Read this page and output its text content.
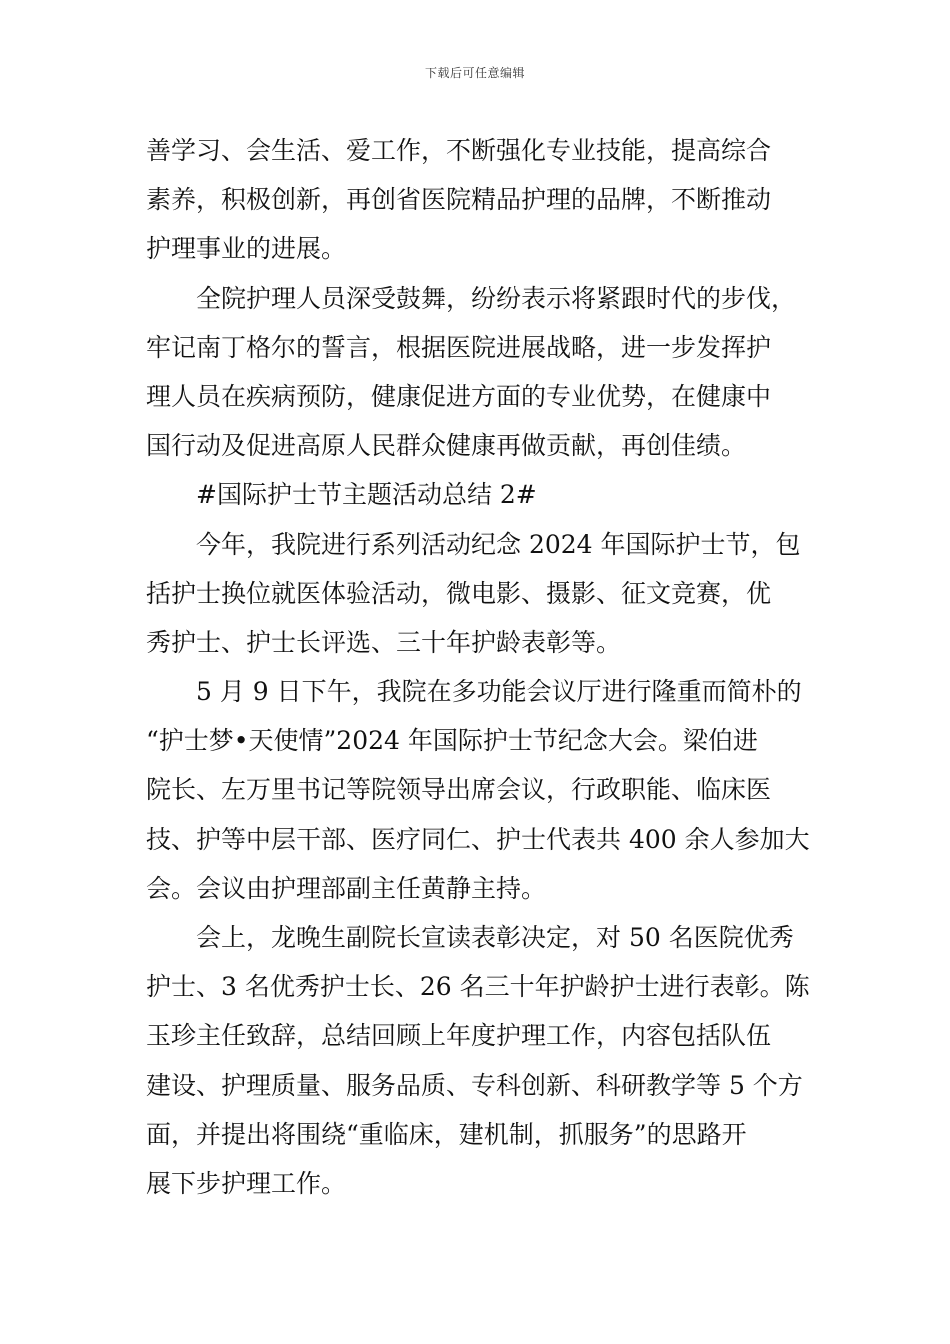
下载后可任意编辑
善学习、会生活、爱工作，不断强化专业技能，提高综合
素养，积极创新，再创省医院精品护理的品牌，不断推动
护理事业的进展。
全院护理人员深受鼓舞，纷纷表示将紧跟时代的步伐，
牢记南丁格尔的誓言，根据医院进展战略，进一步发挥护
理人员在疾病预防，健康促进方面的专业优势，在健康中
国行动及促进高原人民群众健康再做贡献，再创佳绩。
#国际护士节主题活动总结 2#
今年，我院进行系列活动纪念 2024 年国际护士节，包
括护士换位就医体验活动，微电影、摄影、征文竞赛，优
秀护士、护士长评选、三十年护龄表彰等。
5 月 9 日下午，我院在多功能会议厅进行隆重而简朴的
“护士梦•天使情”2024 年国际护士节纪念大会。梁伯进
院长、左万里书记等院领导出席会议，行政职能、临床医
技、护等中层干部、医疗同仁、护士代表共 400 余人参加大
会。会议由护理部副主任黄静主持。
会上，龙晚生副院长宣读表彰决定，对 50 名医院优秀
护士、3 名优秀护士长、26 名三十年护龄护士进行表彰。陈
玉珍主任致辞，总结回顾上年度护理工作，内容包括队伍
建设、护理质量、服务品质、专科创新、科研教学等 5 个方
面，并提出将围绕“重临床，建机制，抓服务”的思路开
展下步护理工作。
